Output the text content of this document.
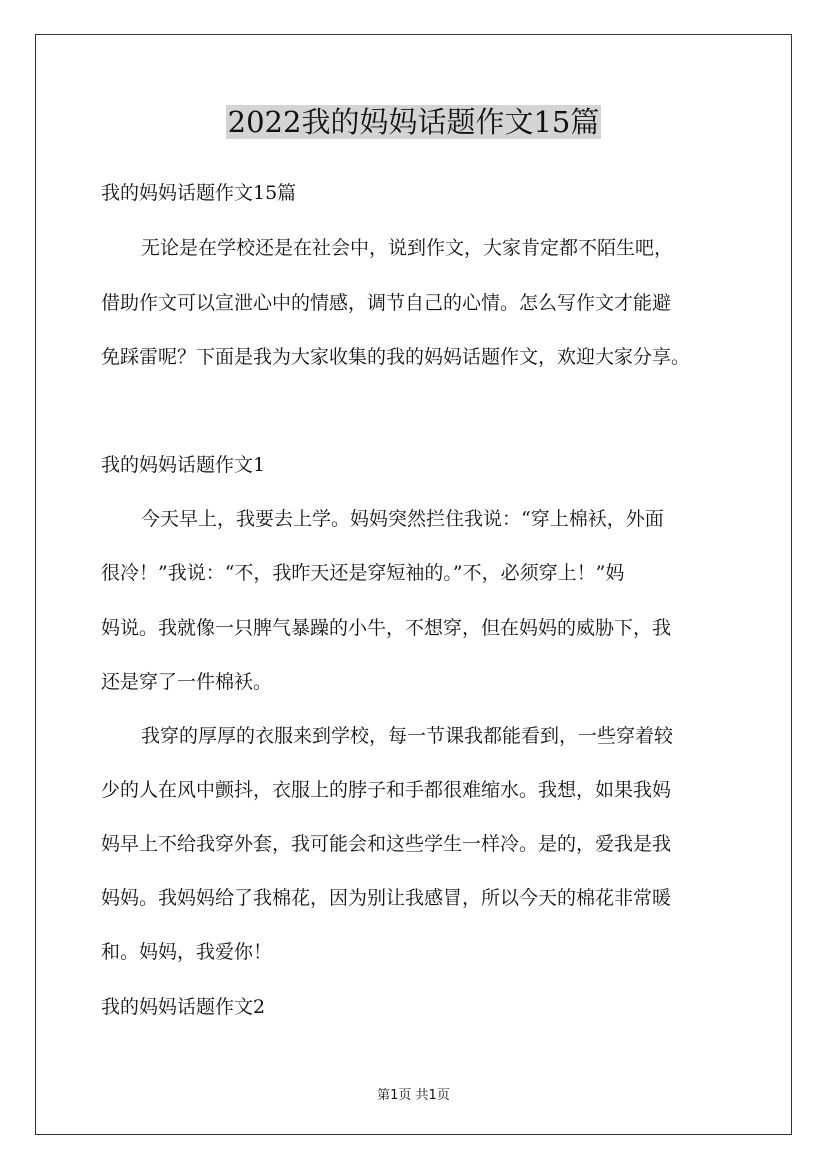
2022我的妈妈话题作文15篇
我的妈妈话题作文15篇
无论是在学校还是在社会中，说到作文，大家肯定都不陌生吧，
借助作文可以宣泄心中的情感，调节自己的心情。怎么写作文才能避
免踩雷呢？下面是我为大家收集的我的妈妈话题作文，欢迎大家分享。
我的妈妈话题作文1
今天早上，我要去上学。妈妈突然拦住我说：“穿上棉袄，外面
很冷！”我说：“不，我昨天还是穿短袖的。”不，必须穿上！”妈
妈说。我就像一只脾气暴躁的小牛，不想穿，但在妈妈的威胁下，我
还是穿了一件棉袄。
我穿的厚厚的衣服来到学校，每一节课我都能看到，一些穿着较
少的人在风中颤抖，衣服上的脖子和手都很难缩水。我想，如果我妈
妈早上不给我穿外套，我可能会和这些学生一样冷。是的，爱我是我
妈妈。我妈妈给了我棉花，因为别让我感冒，所以今天的棉花非常暖
和。妈妈，我爱你！
我的妈妈话题作文2
第1页 共1页
